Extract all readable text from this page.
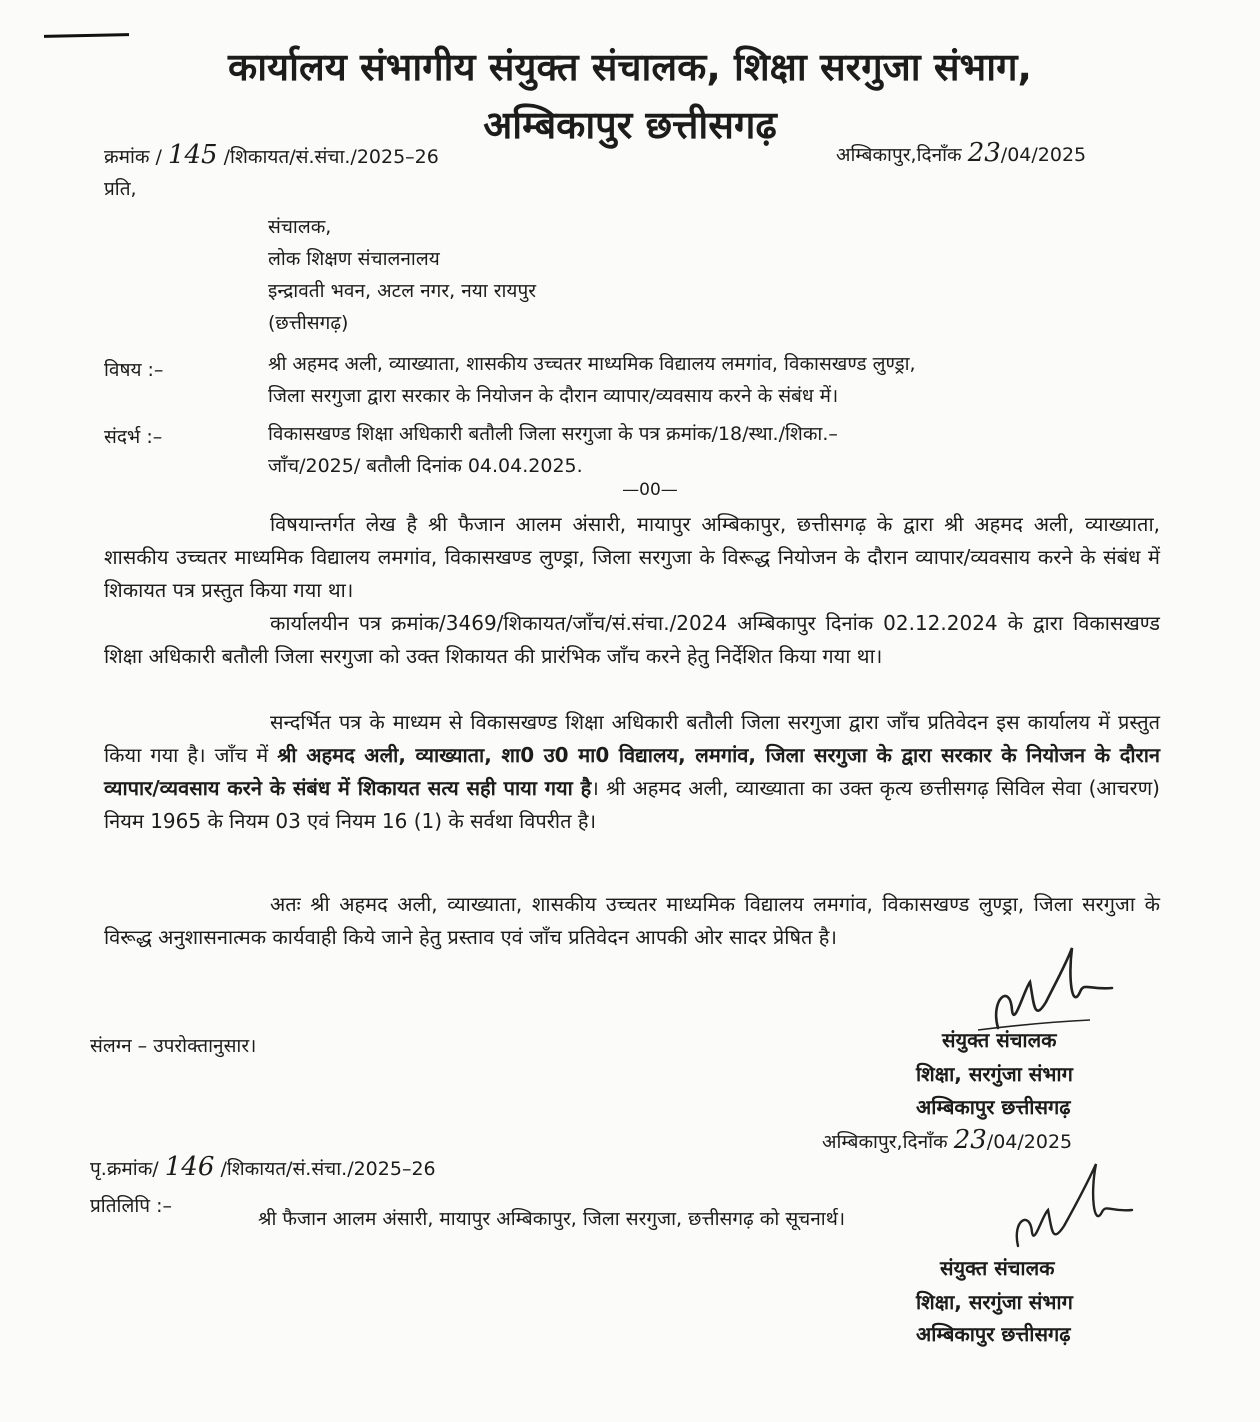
कार्यालय संभागीय संयुक्त संचालक, शिक्षा सरगुजा संभाग,
अम्बिकापुर छत्तीसगढ़
क्रमांक / 145 /शिकायत/सं.संचा./2025–26	अम्बिकापुर,दिनाँक 23/04/2025
प्रति,
संचालक,
लोक शिक्षण संचालनालय
इन्द्रावती भवन, अटल नगर, नया रायपुर
(छत्तीसगढ़)
विषय :–	श्री अहमद अली, व्याख्याता, शासकीय उच्चतर माध्यमिक विद्यालय लमगांव, विकासखण्ड लुण्ड्रा,
जिला सरगुजा द्वारा सरकार के नियोजन के दौरान व्यापार/व्यवसाय करने के संबंध में।
संदर्भ :–	विकासखण्ड शिक्षा अधिकारी बतौली जिला सरगुजा के पत्र क्रमांक/18/स्था./शिका.–
जाँच/2025/ बतौली दिनांक 04.04.2025.
—00—
विषयान्तर्गत लेख है श्री फैजान आलम अंसारी, मायापुर अम्बिकापुर, छत्तीसगढ़ के द्वारा श्री अहमद अली, व्याख्याता, शासकीय उच्चतर माध्यमिक विद्यालय लमगांव, विकासखण्ड लुण्ड्रा, जिला सरगुजा के विरूद्ध नियोजन के दौरान व्यापार/व्यवसाय करने के संबंध में शिकायत पत्र प्रस्तुत किया गया था।
कार्यालयीन पत्र क्रमांक/3469/शिकायत/जाँच/सं.संचा./2024 अम्बिकापुर दिनांक 02.12.2024 के द्वारा विकासखण्ड शिक्षा अधिकारी बतौली जिला सरगुजा को उक्त शिकायत की प्रारंभिक जाँच करने हेतु निर्देशित किया गया था।
सन्दर्भित पत्र के माध्यम से विकासखण्ड शिक्षा अधिकारी बतौली जिला सरगुजा द्वारा जाँच प्रतिवेदन इस कार्यालय में प्रस्तुत किया गया है। जाँच में श्री अहमद अली, व्याख्याता, शा0 उ0 मा0 विद्यालय, लमगांव, जिला सरगुजा के द्वारा सरकार के नियोजन के दौरान व्यापार/व्यवसाय करने के संबंध में शिकायत सत्य सही पाया गया है। श्री अहमद अली, व्याख्याता का उक्त कृत्य छत्तीसगढ़ सिविल सेवा (आचरण) नियम 1965 के नियम 03 एवं नियम 16 (1) के सर्वथा विपरीत है।
अतः श्री अहमद अली, व्याख्याता, शासकीय उच्चतर माध्यमिक विद्यालय लमगांव, विकासखण्ड लुण्ड्रा, जिला सरगुजा के विरूद्ध अनुशासनात्मक कार्यवाही किये जाने हेतु प्रस्ताव एवं जाँच प्रतिवेदन आपकी ओर सादर प्रेषित है।
संलग्न – उपरोक्तानुसार।	संयुक्त संचालक
शिक्षा, सरगुंजा संभाग
अम्बिकापुर छत्तीसगढ़
अम्बिकापुर,दिनाँक 23/04/2025
पृ.क्रमांक/ 146 /शिकायत/सं.संचा./2025–26
प्रतिलिपि :–
श्री फैजान आलम अंसारी, मायापुर अम्बिकापुर, जिला सरगुजा, छत्तीसगढ़ को सूचनार्थ।
संयुक्त संचालक
शिक्षा, सरगुंजा संभाग
अम्बिकापुर छत्तीसगढ़
